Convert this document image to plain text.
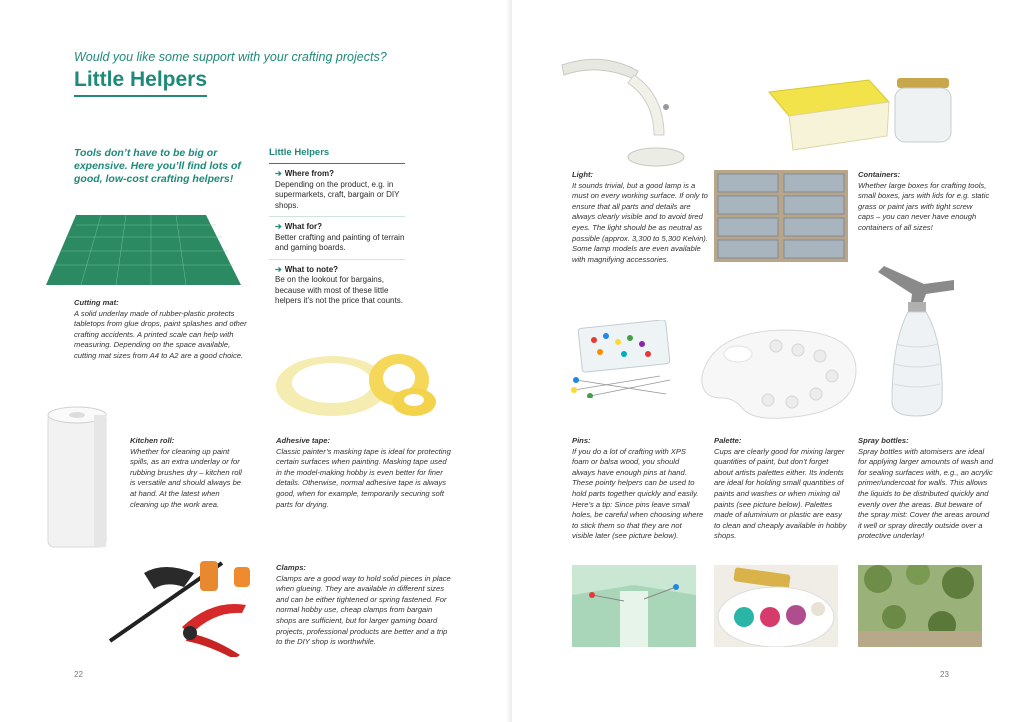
Would you like some support with your crafting projects?
Little Helpers
Tools don’t have to be big or expensive. Here you’ll find lots of good, low-cost crafting helpers!
Little Helpers
➔ Where from?
Depending on the product, e.g. in supermarkets, craft, bargain or DIY shops.
➔ What for?
Better crafting and painting of terrain and gaming boards.
➔ What to note?
Be on the lookout for bargains, because with most of these little helpers it’s not the price that counts.
Cutting mat:
A solid underlay made of rubber-plastic protects tabletops from glue drops, paint splashes and other crafting accidents. A printed scale can help with measuring. Depending on the space available, cutting mat sizes from A4 to A2 are a good choice.
Kitchen roll:
Whether for cleaning up paint spills, as an extra underlay or for rubbing brushes dry – kitchen roll is versatile and should always be at hand. At the latest when cleaning up the work area.
Adhesive tape:
Classic painter’s masking tape is ideal for protecting certain surfaces when painting. Masking tape used in the model-making hobby is even better for finer details. Otherwise, normal adhesive tape is always good, when for example, temporarily securing soft parts for drying.
Clamps:
Clamps are a good way to hold solid pieces in place when glueing. They are available in different sizes and can be either tightened or spring fastened. For normal hobby use, cheap clamps from bargain shops are sufficient, but for larger gaming board projects, professional products are better and a trip to the DIY shop is worthwhile.
22
Light:
It sounds trivial, but a good lamp is a must on every working surface. If only to ensure that all parts and details are always clearly visible and to avoid tired eyes. The light should be as neutral as possible (approx. 3,300 to 5,300 Kelvin). Some lamp models are even available with magnifying accessories.
Containers:
Whether large boxes for crafting tools, small boxes, jars with lids for e.g. static grass or paint jars with tight screw caps – you can never have enough containers of all sizes!
Pins:
If you do a lot of crafting with XPS foam or balsa wood, you should always have enough pins at hand. These pointy helpers can be used to hold parts together quickly and easily. Here’s a tip: Since pins leave small holes, be careful when choosing where to stick them so that they are not visible later (see picture below).
Palette:
Cups are clearly good for mixing larger quantities of paint, but don’t forget about artists palettes either. Its indents are ideal for holding small quantities of paints and washes or when mixing oil paints (see picture below). Palettes made of aluminium or plastic are easy to clean and cheaply available in hobby shops.
Spray bottles:
Spray bottles with atomisers are ideal for applying larger amounts of wash and for sealing surfaces with, e.g., an acrylic primer/undercoat for walls. This allows the liquids to be distributed quickly and evenly over the areas. But beware of the spray mist: Cover the areas around it well or spray directly outside over a protective underlay!
23
